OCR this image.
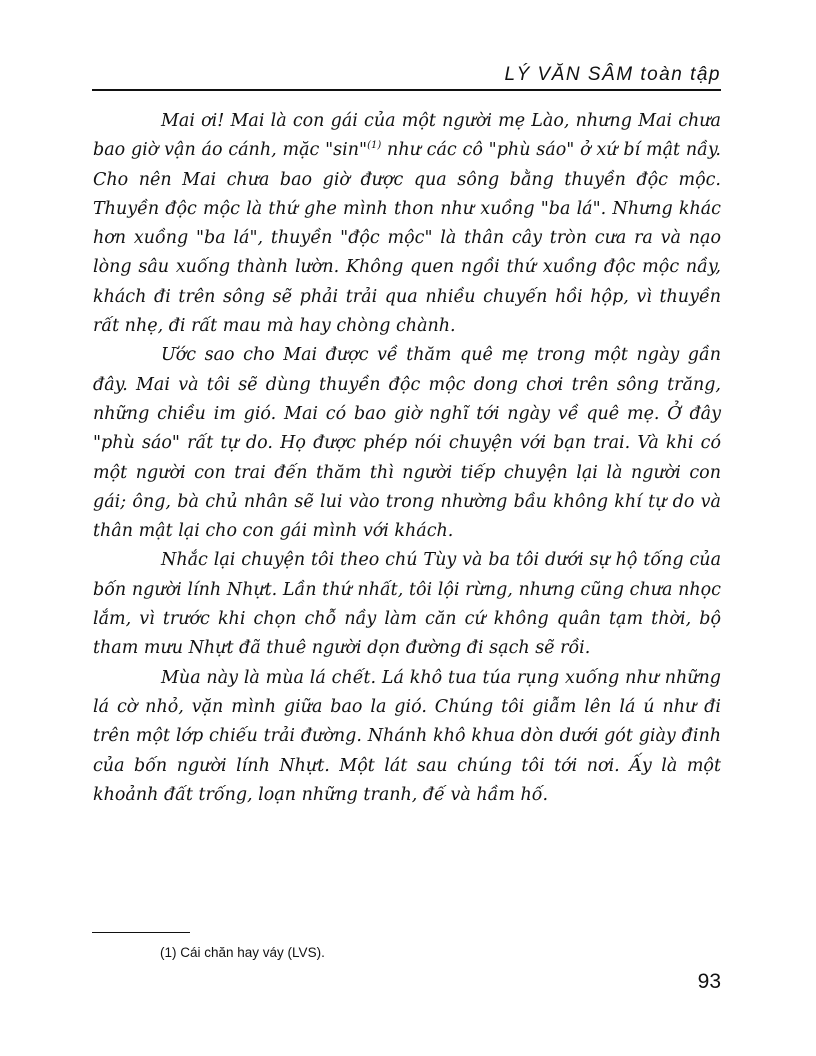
LÝ VĂN SÂM toàn tập

Mai ơi! Mai là con gái của một người mẹ Lào, nhưng Mai chưa bao giờ vận áo cánh, mặc "sin"$^{(1)}$ như các cô "phù sáo" ở xứ bí mật nầy. Cho nên Mai chưa bao giờ được qua sông bằng thuyền độc mộc. Thuyền độc mộc là thứ ghe mình thon như xuồng "ba lá". Nhưng khác hơn xuồng "ba lá", thuyền "độc mộc" là thân cây tròn cưa ra và nạo lòng sâu xuống thành lườn. Không quen ngồi thứ xuồng độc mộc nầy, khách đi trên sông sẽ phải trải qua nhiều chuyến hồi hộp, vì thuyền rất nhẹ, đi rất mau mà hay chòng chành.

Ước sao cho Mai được về thăm quê mẹ trong một ngày gần đây. Mai và tôi sẽ dùng thuyền độc mộc dong chơi trên sông trăng, những chiều im gió. Mai có bao giờ nghĩ tới ngày về quê mẹ. Ở đây "phù sáo" rất tự do. Họ được phép nói chuyện với bạn trai. Và khi có một người con trai đến thăm thì người tiếp chuyện lại là người con gái; ông, bà chủ nhân sẽ lui vào trong nhường bầu không khí tự do và thân mật lại cho con gái mình với khách.

Nhắc lại chuyện tôi theo chú Tùy và ba tôi dưới sự hộ tống của bốn người lính Nhựt. Lần thứ nhất, tôi lội rừng, nhưng cũng chưa nhọc lắm, vì trước khi chọn chỗ nầy làm căn cứ không quân tạm thời, bộ tham mưu Nhựt đã thuê người dọn đường đi sạch sẽ rồi.

Mùa này là mùa lá chết. Lá khô tua túa rụng xuống như những lá cờ nhỏ, vặn mình giữa bao la gió. Chúng tôi giẫm lên lá ú như đi trên một lớp chiếu trải đường. Nhánh khô khua dòn dưới gót giày đinh của bốn người lính Nhựt. Một lát sau chúng tôi tới nơi. Ấy là một khoảnh đất trống, loạn những tranh, đế và hầm hố.

(1) Cái chăn hay váy (LVS).
93
